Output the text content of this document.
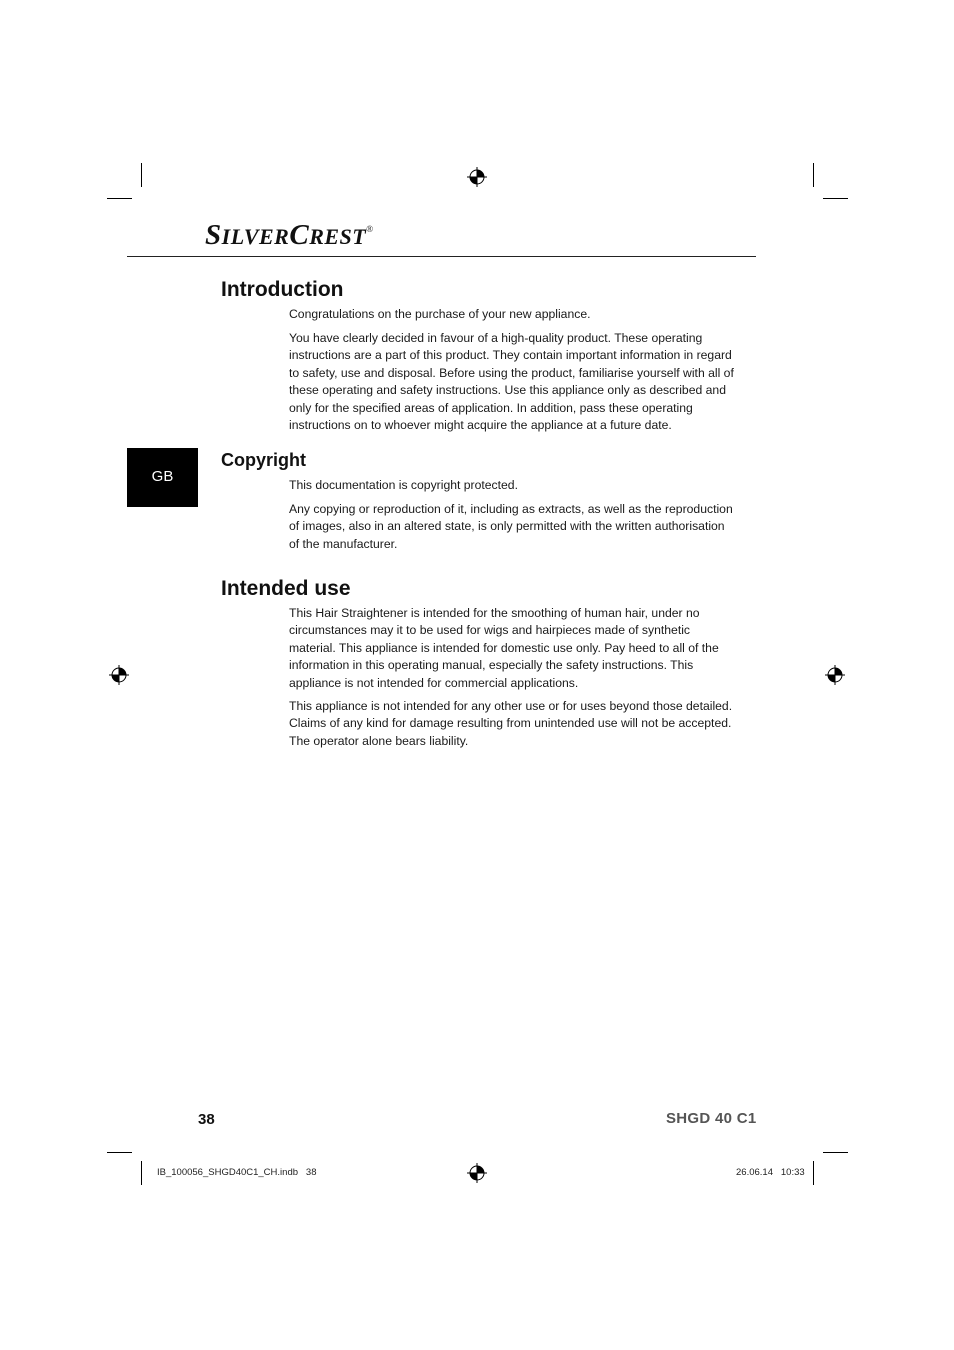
SILVERCREST®
Introduction

Congratulations on the purchase of your new appliance.

You have clearly decided in favour of a high-quality product. These operating instructions are a part of this product. They contain important information in regard to safety, use and disposal. Before using the product, familiarise yourself with all of these operating and safety instructions. Use this appliance only as described and only for the specified areas of application. In addition, pass these operating instructions on to whoever might acquire the appliance at a future date.

GB
Copyright

This documentation is copyright protected.

Any copying or reproduction of it, including as extracts, as well as the reproduction of images, also in an altered state, is only permitted with the written authorisation of the manufacturer.

Intended use

This Hair Straightener is intended for the smoothing of human hair, under no circumstances may it to be used for wigs and hairpieces made of synthetic material. This appliance is intended for domestic use only. Pay heed to all of the information in this operating manual, especially the safety instructions. This appliance is not intended for commercial applications.

This appliance is not intended for any other use or for uses beyond those detailed. Claims of any kind for damage resulting from unintended use will not be accepted. The operator alone bears liability.

38	SHGD 40 C1
IB_100056_SHGD40C1_CH.indb   38	26.06.14   10:33
